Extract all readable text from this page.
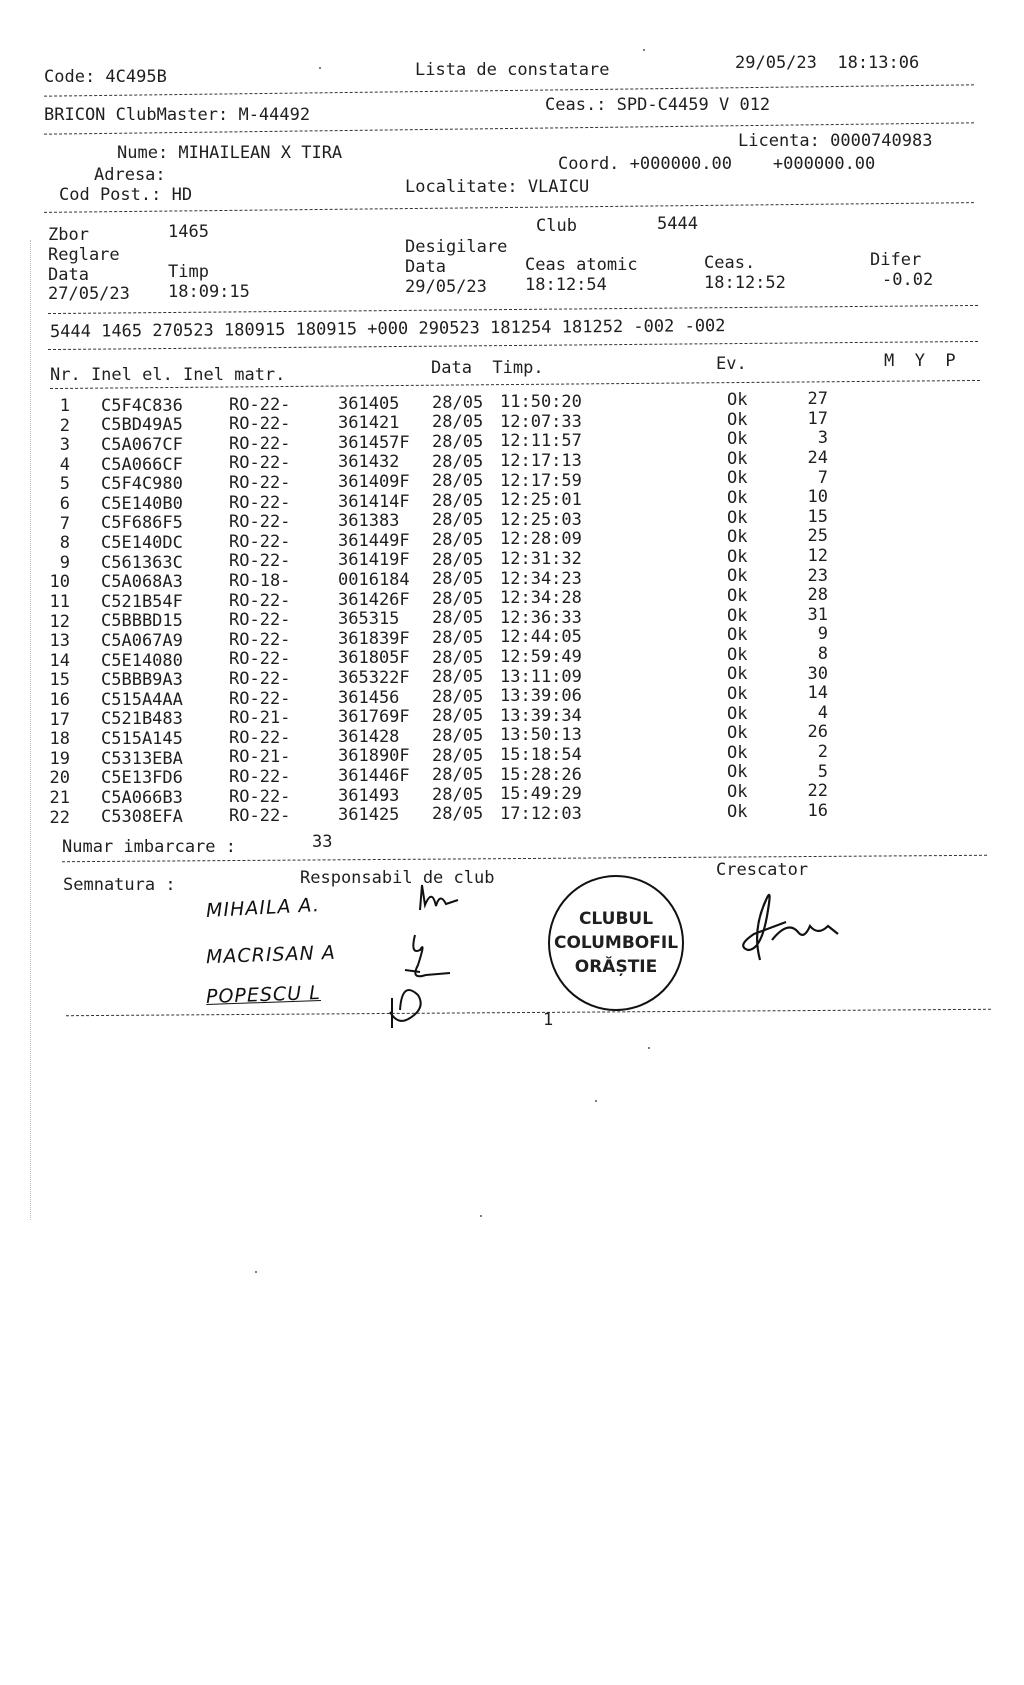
Code: 4C495B	Lista de constatare	29/05/23  18:13:06
BRICON ClubMaster: M-44492	Ceas.: SPD-C4459 V 012
Licenta: 0000740983
Nume: MIHAILEAN X TIRA
Adresa:
Coord. +000000.00    +000000.00
Cod Post.: HD	Localitate: VLAICU
Zbor	1465	Club	5444
Reglare	Desigilare
Data	Timp	Data	Ceas atomic	Ceas.	Difer
27/05/23 18:09:15	29/05/23 18:12:54	18:12:52	-0.02
5444 1465 270523 180915 180915 +000 290523 181254 181252 -002 -002
Nr. Inel el. Inel matr.	Data  Timp.	Ev.	M  Y  P
1 C5F4C836	RO-22-	361405 28/05 11:50:20	Ok	27
2 C5BD49A5	RO-22-	361421 28/05 12:07:33	Ok	17
3 C5A067CF	RO-22-	361457F 28/05 12:11:57	Ok	3
4 C5A066CF	RO-22-	361432 28/05 12:17:13	Ok	24
5 C5F4C980	RO-22-	361409F 28/05 12:17:59	Ok	7
6 C5E140B0	RO-22-	361414F 28/05 12:25:01	Ok	10
7 C5F686F5	RO-22-	361383 28/05 12:25:03	Ok	15
8 C5E140DC	RO-22-	361449F 28/05 12:28:09	Ok	25
9 C561363C	RO-22-	361419F 28/05 12:31:32	Ok	12
10 C5A068A3	RO-18-	0016184 28/05 12:34:23	Ok	23
11 C521B54F	RO-22-	361426F 28/05 12:34:28	Ok	28
12 C5BBBD15	RO-22-	365315 28/05 12:36:33	Ok	31
13 C5A067A9	RO-22-	361839F 28/05 12:44:05	Ok	9
14 C5E14080	RO-22-	361805F 28/05 12:59:49	Ok	8
15 C5BBB9A3	RO-22-	365322F 28/05 13:11:09	Ok	30
16 C515A4AA	RO-22-	361456 28/05 13:39:06	Ok	14
17 C521B483	RO-21-	361769F 28/05 13:39:34	Ok	4
18 C515A145	RO-22-	361428 28/05 13:50:13	Ok	26
19 C5313EBA	RO-21-	361890F 28/05 15:18:54	Ok	2
20 C5E13FD6	RO-22-	361446F 28/05 15:28:26	Ok	5
21 C5A066B3	RO-22-	361493 28/05 15:49:29	Ok	22
22 C5308EFA	RO-22-	361425 28/05 17:12:03	Ok	16
Numar imbarcare :	33
Semnatura :	Responsabil de club	Crescator
MIHAILA A.
MACRISAN A
POPESCU L
CLUBUL
COLUMBOFIL
ORĂȘTIE
1
